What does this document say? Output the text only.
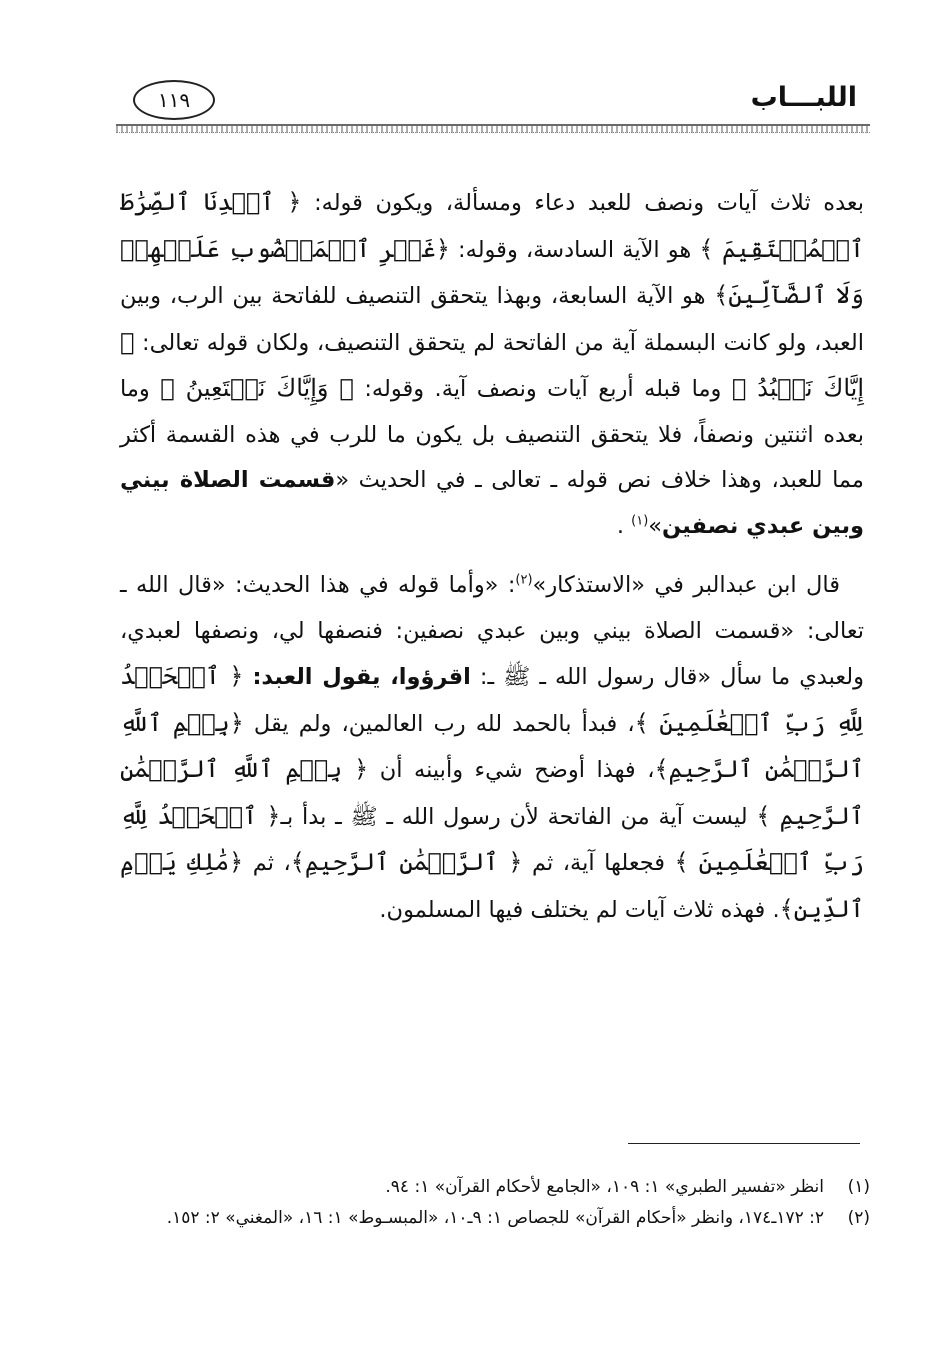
اللبـــاب
١١٩

بعده ثلاث آيات ونصف للعبد دعاء ومسألة، ويكون قوله: ﴿ ٱهۡدِنَا ٱلصِّرَٰطَ ٱلۡمُسۡتَقِيمَ ﴾ هو الآية السادسة، وقوله: ﴿غَيۡرِ ٱلۡمَغۡضُوبِ عَلَيۡهِمۡ وَلَا ٱلضَّآلِّينَ﴾ هو الآية السابعة، وبهذا يتحقق التنصيف للفاتحة بين الرب، وبين العبد، ولو كانت البسملة آية من الفاتحة لم يتحقق التنصيف، ولكان قوله تعالى: ﴿ إِيَّاكَ نَعۡبُدُ ﴾ وما قبله أربع آيات ونصف آية. وقوله: ﴿ وَإِيَّاكَ نَسۡتَعِينُ ﴾ وما بعده اثنتين ونصفاً، فلا يتحقق التنصيف بل يكون ما للرب في هذه القسمة أكثر مما للعبد، وهذا خلاف نص قوله ـ تعالى ـ في الحديث «قسمت الصلاة بيني وبين عبدي نصفين»$^{(١)}$ .

قال ابن عبدالبر في «الاستذكار»$^{(٢)}$: «وأما قوله في هذا الحديث: «قال الله ـ تعالى: «قسمت الصلاة بيني وبين عبدي نصفين: فنصفها لي، ونصفها لعبدي، ولعبدي ما سأل «قال رسول الله ـ ﷺ ـ: اقرؤوا، يقول العبد: ﴿ ٱلۡحَمۡدُ لِلَّهِ رَبِّ ٱلۡعَٰلَمِينَ ﴾، فبدأ بالحمد لله رب العالمين، ولم يقل ﴿بِسۡمِ ٱللَّهِ ٱلرَّحۡمَٰنِ ٱلرَّحِيمِ﴾، فهذا أوضح شيء وأبينه أن ﴿ بِسۡمِ ٱللَّهِ ٱلرَّحۡمَٰنِ ٱلرَّحِيمِ ﴾ ليست آية من الفاتحة لأن رسول الله ـ ﷺ ـ بدأ بـ﴿ ٱلۡحَمۡدُ لِلَّهِ رَبِّ ٱلۡعَٰلَمِينَ ﴾ فجعلها آية، ثم ﴿ ٱلرَّحۡمَٰنِ ٱلرَّحِيمِ﴾، ثم ﴿مَٰلِكِ يَوۡمِ ٱلدِّينِ﴾. فهذه ثلاث آيات لم يختلف فيها المسلمون.

(١)
انظر «تفسير الطبري» ١: ١٠٩، «الجامع لأحكام القرآن» ١: ٩٤.
(٢)
٢: ١٧٢ـ١٧٤، وانظر «أحكام القرآن» للجصاص ١: ٩ـ١٠، «المبسـوط» ١: ١٦، «المغني» ٢: ١٥٢.
